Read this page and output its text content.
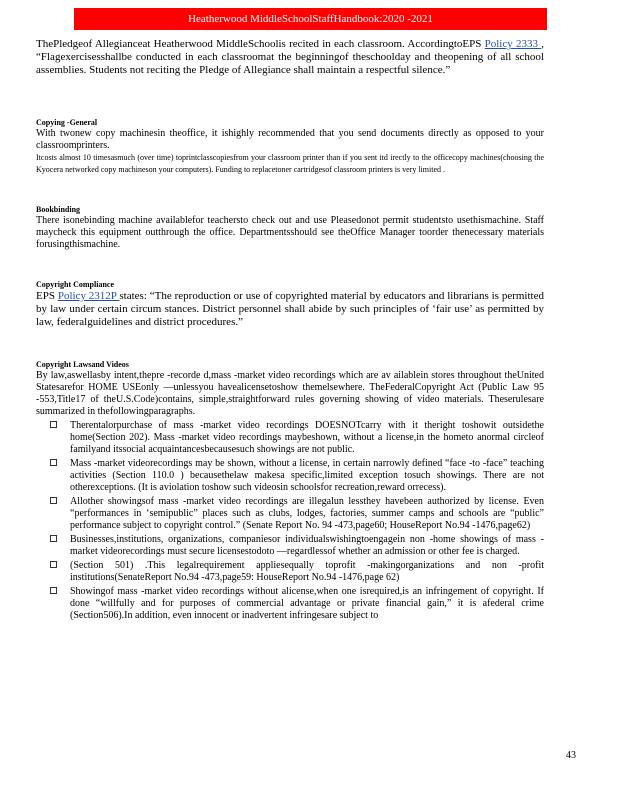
Heatherwood MiddleSchoolStaffHandbook:2020 -2021

ThePledgeof Allegianceat Heatherwood MiddleSchoolis recited in each classroom. AccordingtoEPS Policy 2333 , “Flagexercisesshallbe conducted in each classroomat the beginningof theschoolday and theopening of all school assemblies. Students not reciting the Pledge of Allegiance shall maintain a respectful silence.”

Copying -General

With twonew copy machinesin theoffice, it ishighly recommended that you send documents directly as opposed to your classroomprinters.

Itcosts almost 10 timesasmuch (over time) toprintclasscopiesfrom your classroom printer than if you sent itd irectly to the officecopy machines(choosing the Kyocera networked copy machineson your computers). Funding to replacetoner cartridgesof classroom printers is very limited .

Bookbinding

There isonebinding machine availablefor teachersto check out and use Pleasedonot permit studentsto usethismachine. Staff maycheck this equipment outthrough the office. Departmentsshould see theOffice Manager toorder thenecessary materials forusingthismachine.

Copyright Compliance

EPS Policy 2312P states: “The reproduction or use of copyrighted material by educators and librarians is permitted by law under certain circum stances. District personnel shall abide by such principles of ‘fair use’ as permitted by law, federalguidelines and district procedures.”

Copyright Lawsand Videos

By law,aswellasby intent,thepre -recorde d,mass -market video recordings which are av ailablein stores throughout theUnited Statesarefor HOME USEonly —unlessyou havealicensetoshow themelsewhere. TheFederalCopyright Act (Public Law 95 -553,Title17 of theU.S.Code)contains, simple,straightforward rules governing showing of video materials. Theserulesare summarized in thefollowingparagraphs.

Therentalorpurchase of mass -market video recordings DOESNOTcarry with it theright toshowit outsidethe home(Section 202). Mass -market video recordings maybeshown, without a license,in the hometo anormal circleof familyand itssocial acquaintancesbecausesuch showings are not public.
Mass -market videorecordings may be shown, without a license, in certain narrowly defined “face -to -face” teaching activities (Section 110.0 ) becausethelaw makesa specific,limited exception tosuch showings. There are not otherexceptions. (It is aviolation toshow such videosin schoolsfor recreation,reward orrecess).
Allother showingsof mass -market video recordings are illegalun lessthey havebeen authorized by license. Even “performances in ‘semipublic” places such as clubs, lodges, factories, summer camps and schools are “public” performance subject to copyright control.” (Senate Report No. 94 -473,page60; HouseReport No.94 -1476,page62)
Businesses,institutions, organizations, companiesor individualswishingtoengagein non -home showings of mass -market videorecordings must secure licensestodoto —regardlessof whether an admission or other fee is charged.
(Section 501) .This legalrequirement appliesequally toprofit -makingorganizations and non -profit institutions(SenateReport No.94 -473,page59: HouseReport No.94 -1476,page 62)
Showingof mass -market video recordings without alicense,when one isrequired,is an infringement of copyright. If done “willfully and for purposes of commercial advantage or private financial gain,” it is afederal crime (Section506).In addition, even innocent or inadvertent infringesare subject to
43
